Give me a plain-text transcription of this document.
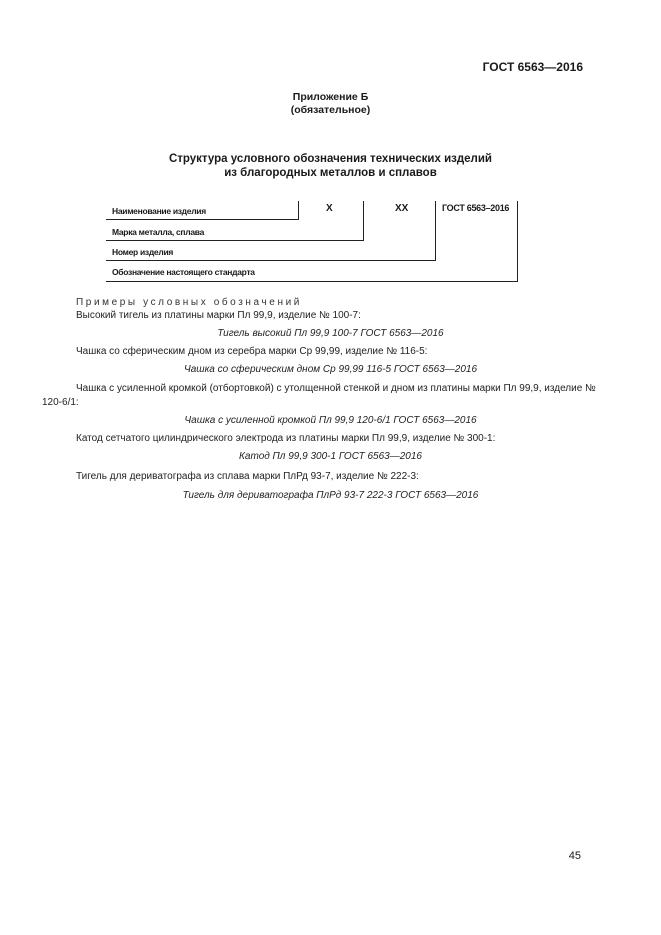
ГОСТ 6563—2016
Приложение Б
(обязательное)
Структура условного обозначения технических изделий
из благородных металлов и сплавов
Х	ХХ	ГОСТ 6563–2016
Наименование изделия
Марка металла, сплава
Номер изделия
Обозначение настоящего стандарта
Примеры условных обозначений
Высокий тигель из платины марки Пл 99,9, изделие № 100-7:
Тигель высокий Пл 99,9 100-7 ГОСТ 6563—2016
Чашка со сферическим дном из серебра марки Ср 99,99, изделие № 116-5:
Чашка со сферическим дном Ср 99,99 116-5 ГОСТ 6563—2016
Чашка с усиленной кромкой (отбортовкой) с утолщенной стенкой и дном из платины марки Пл 99,9, изделие № 120-6/1:
Чашка с усиленной кромкой Пл 99,9 120-6/1 ГОСТ 6563—2016
Катод сетчатого цилиндрического электрода из платины марки Пл 99,9, изделие № 300-1:
Катод Пл 99,9 300-1 ГОСТ 6563—2016
Тигель для дериватографа из сплава марки ПлРд 93-7, изделие № 222-3:
Тигель для дериватографа ПлРд 93-7 222-3 ГОСТ 6563—2016
45
